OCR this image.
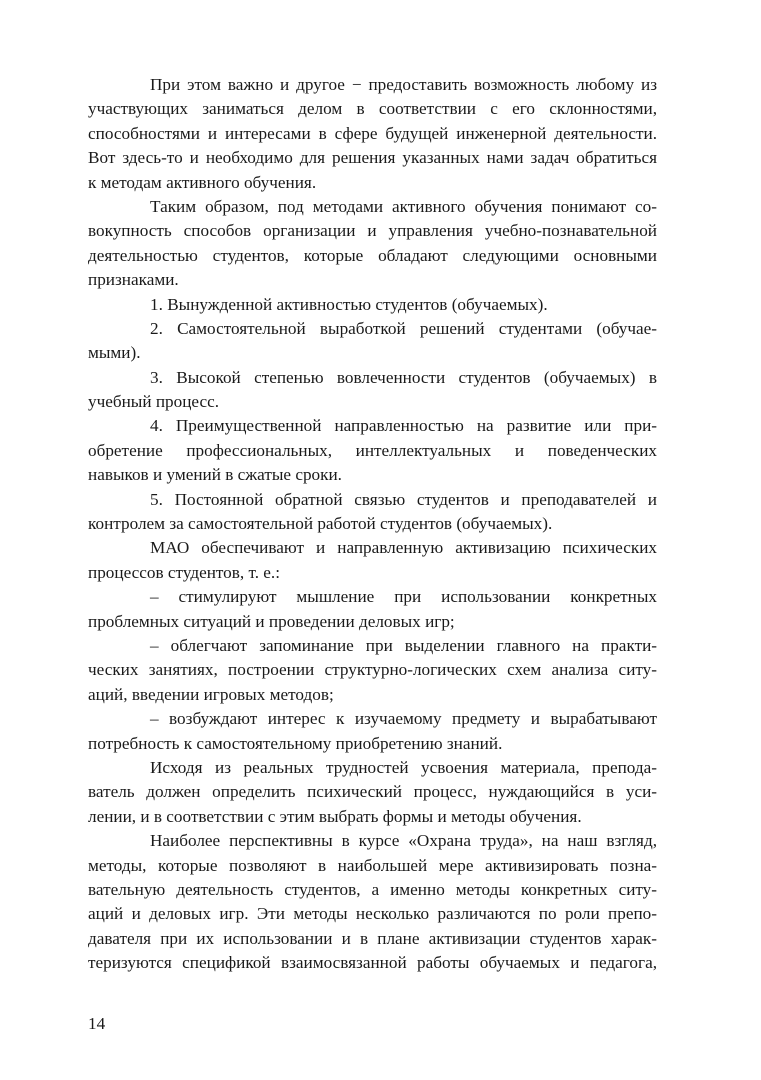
При этом важно и другое − предоставить возможность любому из
участвующих заниматься делом в соответствии с его склонностями,
способностями и интересами в сфере будущей инженерной деятельности.
Вот здесь-то и необходимо для решения указанных нами задач обратиться
к методам активного обучения.
Таким образом, под методами активного обучения понимают со-
вокупность способов организации и управления учебно-познавательной
деятельностью студентов, которые обладают следующими основными
признаками.
1. Вынужденной активностью студентов (обучаемых).
2. Самостоятельной выработкой решений студентами (обучае-
мыми).
3. Высокой степенью вовлеченности студентов (обучаемых) в
учебный процесс.
4. Преимущественной направленностью на развитие или при-
обретение профессиональных, интеллектуальных и поведенческих
навыков и умений в сжатые сроки.
5. Постоянной обратной связью студентов и преподавателей и
контролем за самостоятельной работой студентов (обучаемых).
МАО обеспечивают и направленную активизацию психических
процессов студентов, т. е.:
– стимулируют мышление при использовании конкретных
проблемных ситуаций и проведении деловых игр;
– облегчают запоминание при выделении главного на практи-
ческих занятиях, построении структурно-логических схем анализа ситу-
аций, введении игровых методов;
– возбуждают интерес к изучаемому предмету и вырабатывают
потребность к самостоятельному приобретению знаний.
Исходя из реальных трудностей усвоения материала, препода-
ватель должен определить психический процесс, нуждающийся в уси-
лении, и в соответствии с этим выбрать формы и методы обучения.
Наиболее перспективны в курсе «Охрана труда», на наш взгляд,
методы, которые позволяют в наибольшей мере активизировать позна-
вательную деятельность студентов, а именно методы конкретных ситу-
аций и деловых игр. Эти методы несколько различаются по роли препо-
давателя при их использовании и в плане активизации студентов харак-
теризуются спецификой взаимосвязанной работы обучаемых и педагога,
14
